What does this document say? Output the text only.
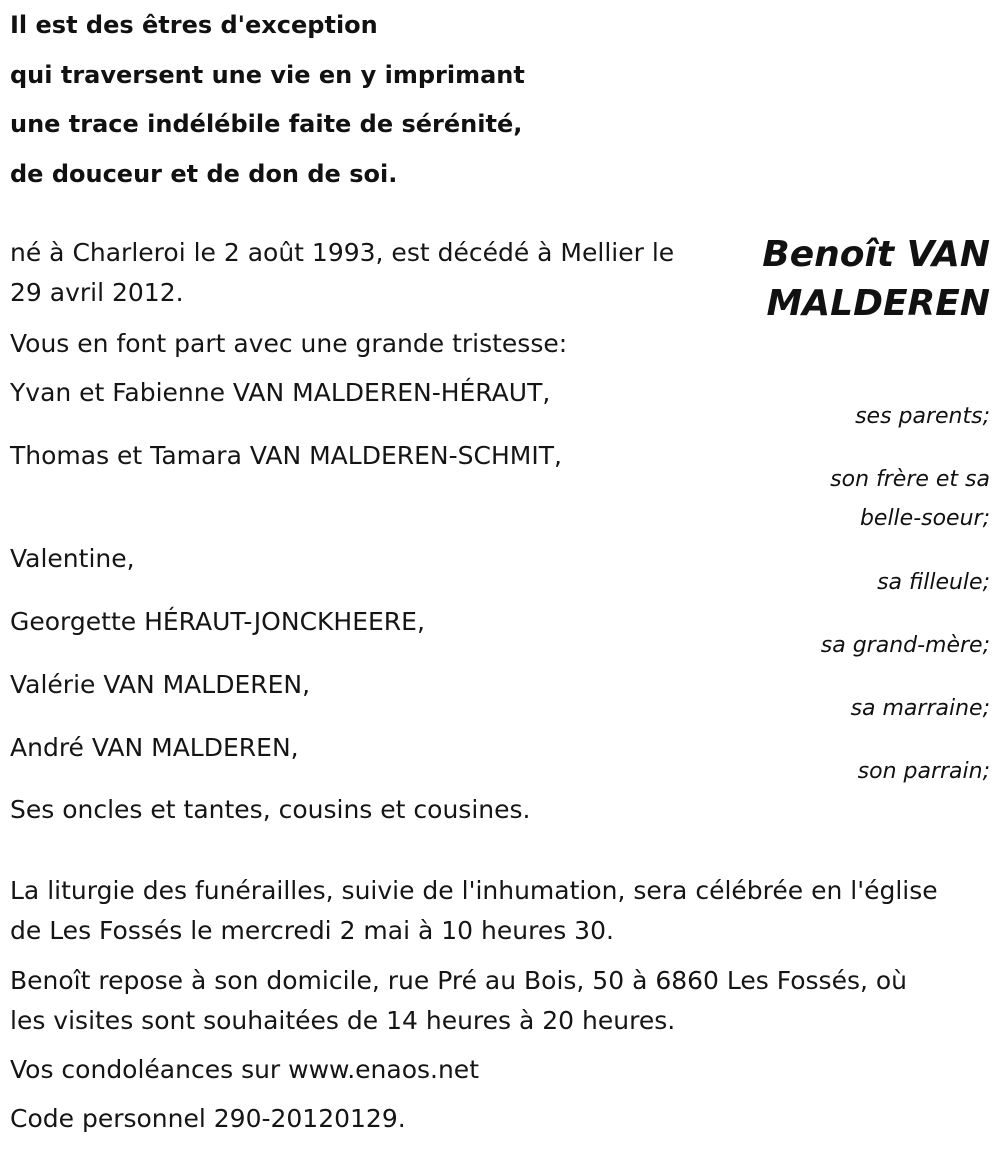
Il est des êtres d'exception

qui traversent une vie en y imprimant

une trace indélébile faite de sérénité,

de douceur et de don de soi.

Benoît VAN

MALDEREN

né à Charleroi le 2 août 1993, est décédé à Mellier le

29 avril 2012.

Vous en font part avec une grande tristesse:

Yvan et Fabienne VAN MALDEREN-HÉRAUT,

Thomas et Tamara VAN MALDEREN-SCHMIT,

Valentine,

Georgette HÉRAUT-JONCKHEERE,

Valérie VAN MALDEREN,

André VAN MALDEREN,

ses parents;

son frère et sa

belle-soeur;

sa filleule;

sa grand-mère;

sa marraine;

son parrain;

Ses oncles et tantes, cousins et cousines.

La liturgie des funérailles, suivie de l'inhumation, sera célébrée en l'église

de Les Fossés le mercredi 2 mai à 10 heures 30.

Benoît repose à son domicile, rue Pré au Bois, 50 à 6860 Les Fossés, où

les visites sont souhaitées de 14 heures à 20 heures.

Vos condoléances sur www.enaos.net

Code personnel 290-20120129.
